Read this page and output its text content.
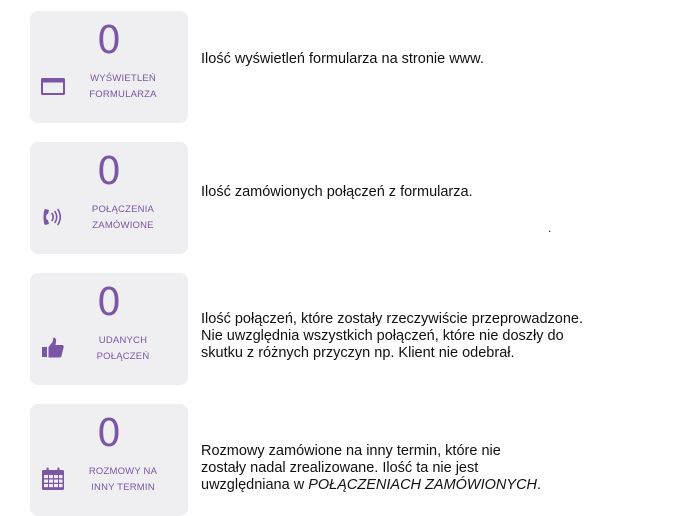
0
WYŚWIETLEŃ
FORMULARZA
Ilość wyświetleń formularza na stronie www.
0
POŁĄCZENIA
ZAMÓWIONE
Ilość zamówionych połączeń z formularza.
0
UDANYCH
POŁĄCZEŃ
Ilość połączeń, które zostały rzeczywiście przeprowadzone.
Nie uwzględnia wszystkich połączeń, które nie doszły do
skutku z różnych przyczyn np. Klient nie odebrał.
0
ROZMOWY NA
INNY TERMIN
Rozmowy zamówione na inny termin, które nie
zostały nadal zrealizowane. Ilość ta nie jest
uwzględniana w POŁĄCZENIACH ZAMÓWIONYCH.
.
